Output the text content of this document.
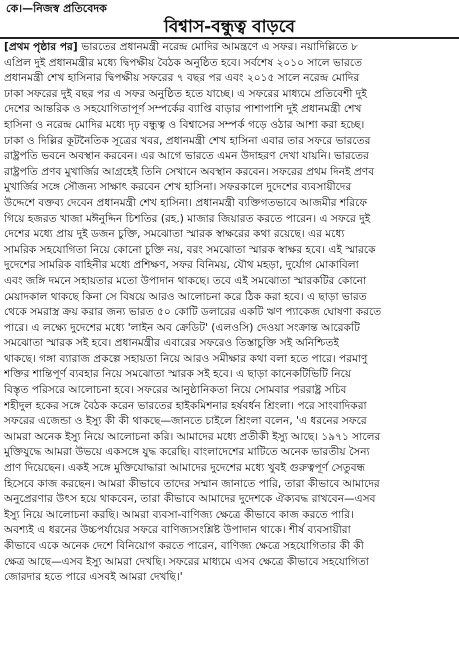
কে।—নিজস্ব প্রতিবেদক
বিশ্বাস-বন্ধুত্ব বাড়বে
[প্রথম পৃষ্ঠার পর] ভারতের প্রধানমন্ত্রী নরেন্দ্র মোদির আমন্ত্রণে এ সফর। নয়াদিল্লিতে ৮
এপ্রিল দুই প্রধানমন্ত্রীর মধ্যে দ্বিপক্ষীয় বৈঠক অনুষ্ঠিত হবে। সর্বশেষ ২০১০ সালে ভারতে
প্রধানমন্ত্রী শেখ হাসিনার দ্বিপক্ষীয় সফরের ৭ বছর পর এবং ২০১৫ সালে নরেন্দ্র মোদির
ঢাকা সফরের দুই বছর পর এ সফর অনুষ্ঠিত হতে যাচ্ছে। এ সফরের মাধ্যমে প্রতিবেশী দুই
দেশের আন্তরিক ও সহযোগিতাপূর্ণ সম্পর্কের ব্যাপ্তি বাড়ার পাশাপাশি দুই প্রধানমন্ত্রী শেখ
হাসিনা ও নরেন্দ্র মোদির মধ্যে দৃঢ় বন্ধুত্ব ও বিশ্বাসের সম্পর্ক গড়ে ওঠার আশা করা হচ্ছে।
ঢাকা ও দিল্লির কূটনৈতিক সূত্রের খবর, প্রধানমন্ত্রী শেখ হাসিনা এবার তার সফরে ভারতের
রাষ্ট্রপতি ভবনে অবস্থান করবেন। এর আগে ভারতে এমন উদাহরণ দেখা যায়নি। ভারতের
রাষ্ট্রপতি প্রণব মুখার্জির আগ্রহেই তিনি সেখানে অবস্থান করবেন। সফরের প্রথম দিনই প্রণব
মুখার্জির সঙ্গে সৌজন্য সাক্ষাৎ করবেন শেখ হাসিনা। সফরকালে দুদেশের ব্যবসায়ীদের
উদ্দেশে বক্তব্য দেবেন প্রধানমন্ত্রী শেখ হাসিনা। প্রধানমন্ত্রী ব্যক্তিগতভাবে আজমীর শরিফে
গিয়ে হজরত খাজা মঈনুদ্দিন চিশতির (রহ.) মাজার জিয়ারত করতে পারেন। এ সফরে দুই
দেশের মধ্যে প্রায় দুই ডজন চুক্তি, সমঝোতা স্মারক স্বাক্ষরের কথা রয়েছে। এর মধ্যে
সামরিক সহযোগিতা নিয়ে কোনো চুক্তি নয়, বরং সমঝোতা স্মারক স্বাক্ষর হবে। এই স্মারকে
দুদেশের সামরিক বাহিনীর মধ্যে প্রশিক্ষণ, সফর বিনিময়, যৌথ মহড়া, দুর্যোগ মোকাবিলা
এবং জঙ্গি দমনে সহায়তার মতো উপাদান থাকছে। তবে এই সমঝোতা স্মারকটির কোনো
মেয়াদকাল থাকছে কিনা সে বিষয়ে আরও আলোচনা করে ঠিক করা হবে। এ ছাড়া ভারত
থেকে সমরাস্ত্র ক্রয় করার জন্য ভারত ৫০ কোটি ডলারের একটি ঋণ প্যাকেজ ঘোষণা করতে
পারে। এ লক্ষ্যে দুদেশের মধ্যে 'লাইন অব ক্রেডিট' (এলওসি) দেওয়া সংক্রান্ত আরেকটি
সমঝোতা স্মারক সই হবে। প্রধানমন্ত্রীর এবারের সফরেও তিস্তাচুক্তি সই অনিশ্চিতই
থাকছে। গঙ্গা ব্যারাজ প্রকল্পে সহায়তা নিয়ে আরও সমীক্ষার কথা বলা হতে পারে। পরমাণু
শক্তির শান্তিপূর্ণ ব্যবহার নিয়ে সমঝোতা স্মারক সই হবে। এ ছাড়া কানেকটিভিটি নিয়ে
বিস্তৃত পরিসরে আলোচনা হবে। সফরের আনুষ্ঠানিকতা নিয়ে সোমবার পররাষ্ট্র সচিব
শহীদুল হকের সঙ্গে বৈঠক করেন ভারতের হাইকমিশনার হর্ষবর্ধন শ্রিংলা। পরে সাংবাদিকরা
সফরের এজেন্ডা ও ইস্যু কী কী থাকছে—জানতে চাইলে শ্রিংলা বলেন, 'এ ধরনের সফরে
আমরা অনেক ইস্যু নিয়ে আলোচনা করি। আমাদের মধ্যে প্রতীকী ইস্যু আছে। ১৯৭১ সালের
মুক্তিযুদ্ধে আমরা উভয়ে একসঙ্গে যুদ্ধ করেছি। বাংলাদেশের মাটিতে অনেক ভারতীয় সৈন্য
প্রাণ দিয়েছেন। একই সঙ্গে মুক্তিযোদ্ধারা আমাদের দুদেশের মধ্যে খুবই গুরুত্বপূর্ণ সেতুবন্ধ
হিসেবে কাজ করছেন। আমরা কীভাবে তাদের সম্মান জানাতে পারি, তারা কীভাবে আমাদের
অনুপ্রেরণার উৎস হয়ে থাকবেন, তারা কীভাবে আমাদের দুদেশকে ঐক্যবদ্ধ রাখবেন—এসব
ইস্যু নিয়ে আলোচনা করছি। আমরা ব্যবসা-বাণিজ্য ক্ষেত্রে কীভাবে কাজ করতে পারি।
অবশ্যই এ ধরনের উচ্চপর্যায়ের সফরে বাণিজ্যসংশ্লিষ্ট উপাদান থাকে। শীর্ষ ব্যবসায়ীরা
কীভাবে একে অনেক দেশে বিনিয়োগ করতে পারেন, বাণিজ্য ক্ষেত্রে সহযোগিতার কী কী
ক্ষেত্র আছে—এসব ইস্যু আমরা দেখছি। সফরের মাধ্যমে এসব ক্ষেত্রে কীভাবে সহযোগিতা
জোরদার হতে পারে এসবই আমরা দেখছি।'
